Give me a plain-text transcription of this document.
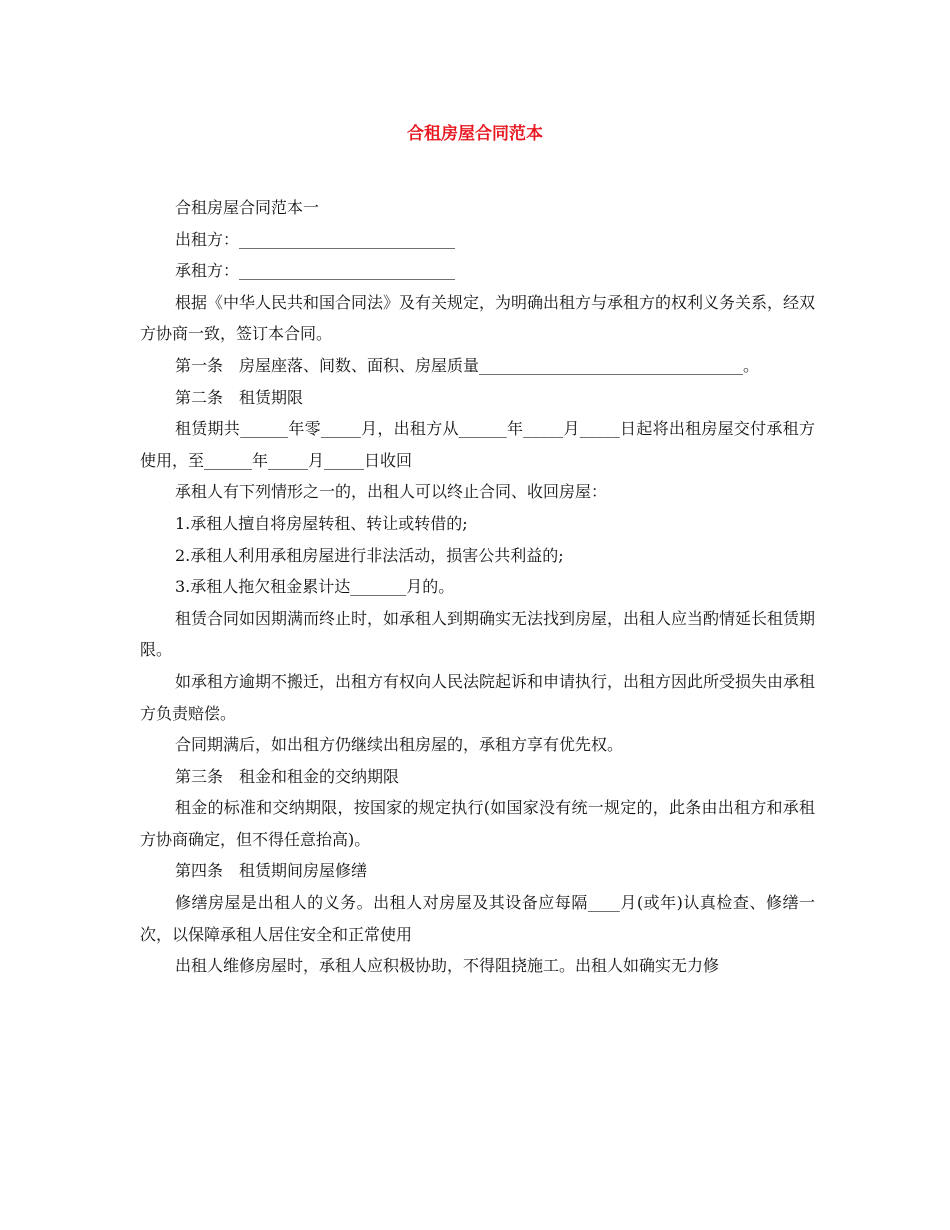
合租房屋合同范本

合租房屋合同范本一

出租方：___________________________

承租方：___________________________

根据《中华人民共和国合同法》及有关规定，为明确出租方与承租方的权利义务关系，经双方协商一致，签订本合同。

第一条　房屋座落、间数、面积、房屋质量_________________________________。

第二条　租赁期限

租赁期共______年零_____月，出租方从______年_____月_____日起将出租房屋交付承租方使用，至______年_____月_____日收回

承租人有下列情形之一的，出租人可以终止合同、收回房屋：

1.承租人擅自将房屋转租、转让或转借的;

2.承租人利用承租房屋进行非法活动，损害公共利益的;

3.承租人拖欠租金累计达_______月的。

租赁合同如因期满而终止时，如承租人到期确实无法找到房屋，出租人应当酌情延长租赁期限。

如承租方逾期不搬迁，出租方有权向人民法院起诉和申请执行，出租方因此所受损失由承租方负责赔偿。

合同期满后，如出租方仍继续出租房屋的，承租方享有优先权。

第三条　租金和租金的交纳期限

租金的标准和交纳期限，按国家的规定执行(如国家没有统一规定的，此条由出租方和承租方协商确定，但不得任意抬高)。

第四条　租赁期间房屋修缮

修缮房屋是出租人的义务。出租人对房屋及其设备应每隔____月(或年)认真检查、修缮一次，以保障承租人居住安全和正常使用

出租人维修房屋时，承租人应积极协助，不得阻挠施工。出租人如确实无力修
